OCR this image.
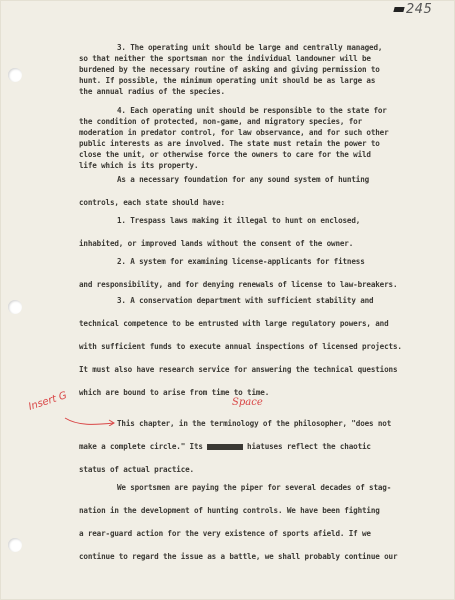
245
3. The operating unit should be large and centrally managed,
so that neither the sportsman nor the individual landowner will be
burdened by the necessary routine of asking and giving permission to
hunt. If possible, the minimum operating unit should be as large as
the annual radius of the species.
4. Each operating unit should be responsible to the state for
the condition of protected, non-game, and migratory species, for
moderation in predator control, for law observance, and for such other
public interests as are involved. The state must retain the power to
close the unit, or otherwise force the owners to care for the wild
life which is its property.
As a necessary foundation for any sound system of hunting
controls, each state should have:
1. Trespass laws making it illegal to hunt on enclosed,
inhabited, or improved lands without the consent of the owner.
2. A system for examining license-applicants for fitness
and responsibility, and for denying renewals of license to law-breakers.
3. A conservation department with sufficient stability and
technical competence to be entrusted with large regulatory powers, and
with sufficient funds to execute annual inspections of licensed projects.
It must also have research service for answering the technical questions
which are bound to arise from time to time.
Insert G	Space
This chapter, in the terminology of the philosopher, "does not
make a complete circle." Its	hiatuses reflect the chaotic
status of actual practice.
We sportsmen are paying the piper for several decades of stag-
nation in the development of hunting controls. We have been fighting
a rear-guard action for the very existence of sports afield. If we
continue to regard the issue as a battle, we shall probably continue our
